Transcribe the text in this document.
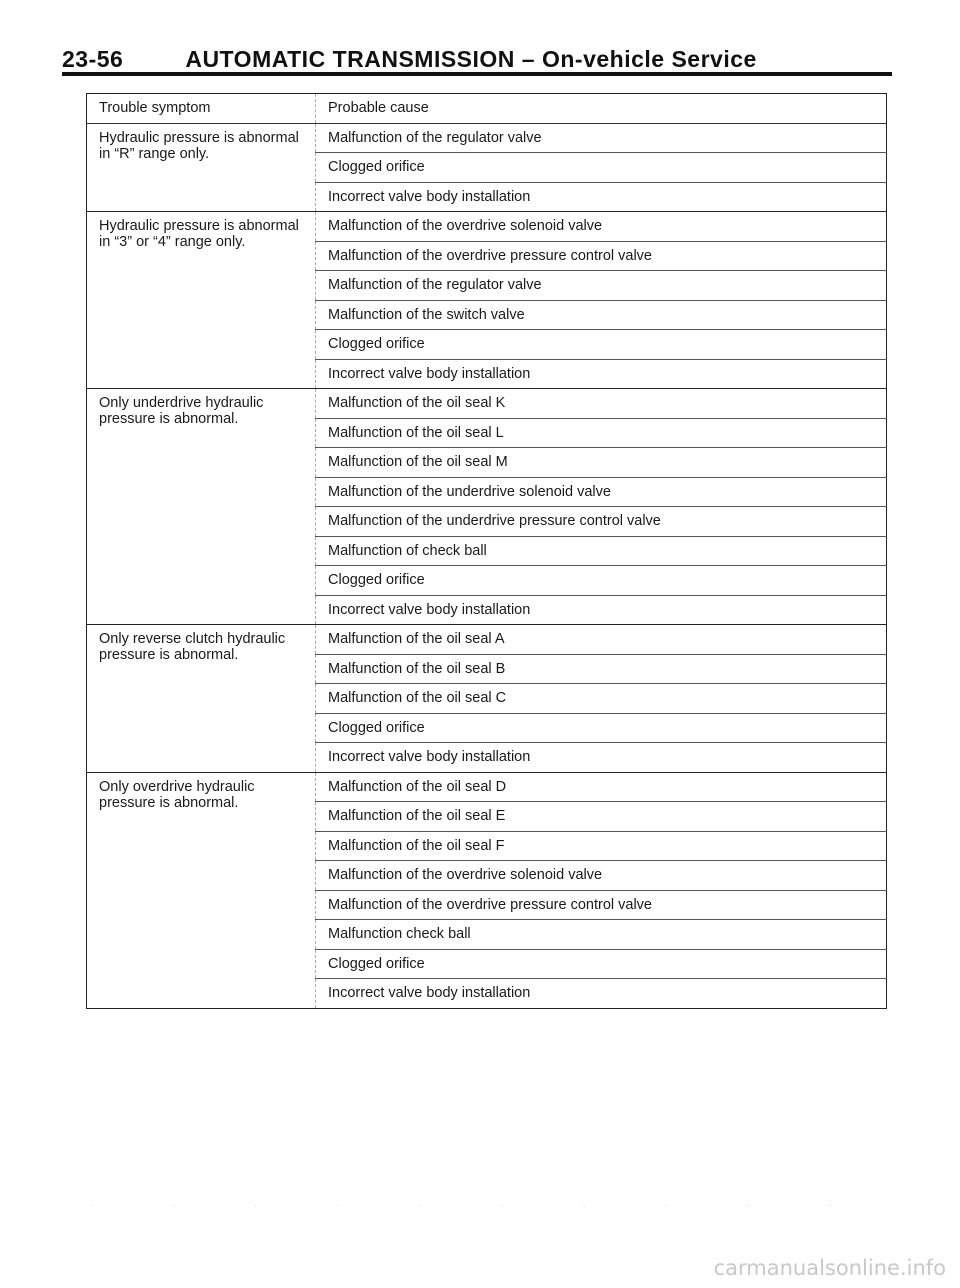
23-56	AUTOMATIC TRANSMISSION – On-vehicle Service
Trouble symptom	Probable cause
Hydraulic pressure is abnormal in “R” range only.	Malfunction of the regulator valve
	Clogged orifice
	Incorrect valve body installation
Hydraulic pressure is abnormal in “3” or “4” range only.	Malfunction of the overdrive solenoid valve
	Malfunction of the overdrive pressure control valve
	Malfunction of the regulator valve
	Malfunction of the switch valve
	Clogged orifice
	Incorrect valve body installation
Only underdrive hydraulic pressure is abnormal.	Malfunction of the oil seal K
	Malfunction of the oil seal L
	Malfunction of the oil seal M
	Malfunction of the underdrive solenoid valve
	Malfunction of the underdrive pressure control valve
	Malfunction of check ball
	Clogged orifice
	Incorrect valve body installation
Only reverse clutch hydraulic pressure is abnormal.	Malfunction of the oil seal A
	Malfunction of the oil seal B
	Malfunction of the oil seal C
	Clogged orifice
	Incorrect valve body installation
Only overdrive hydraulic pressure is abnormal.	Malfunction of the oil seal D
	Malfunction of the oil seal E
	Malfunction of the oil seal F
	Malfunction of the overdrive solenoid valve
	Malfunction of the overdrive pressure control valve
	Malfunction check ball
	Clogged orifice
	Incorrect valve body installation
· · · · · · · · · ·
carmanualsonline.info
